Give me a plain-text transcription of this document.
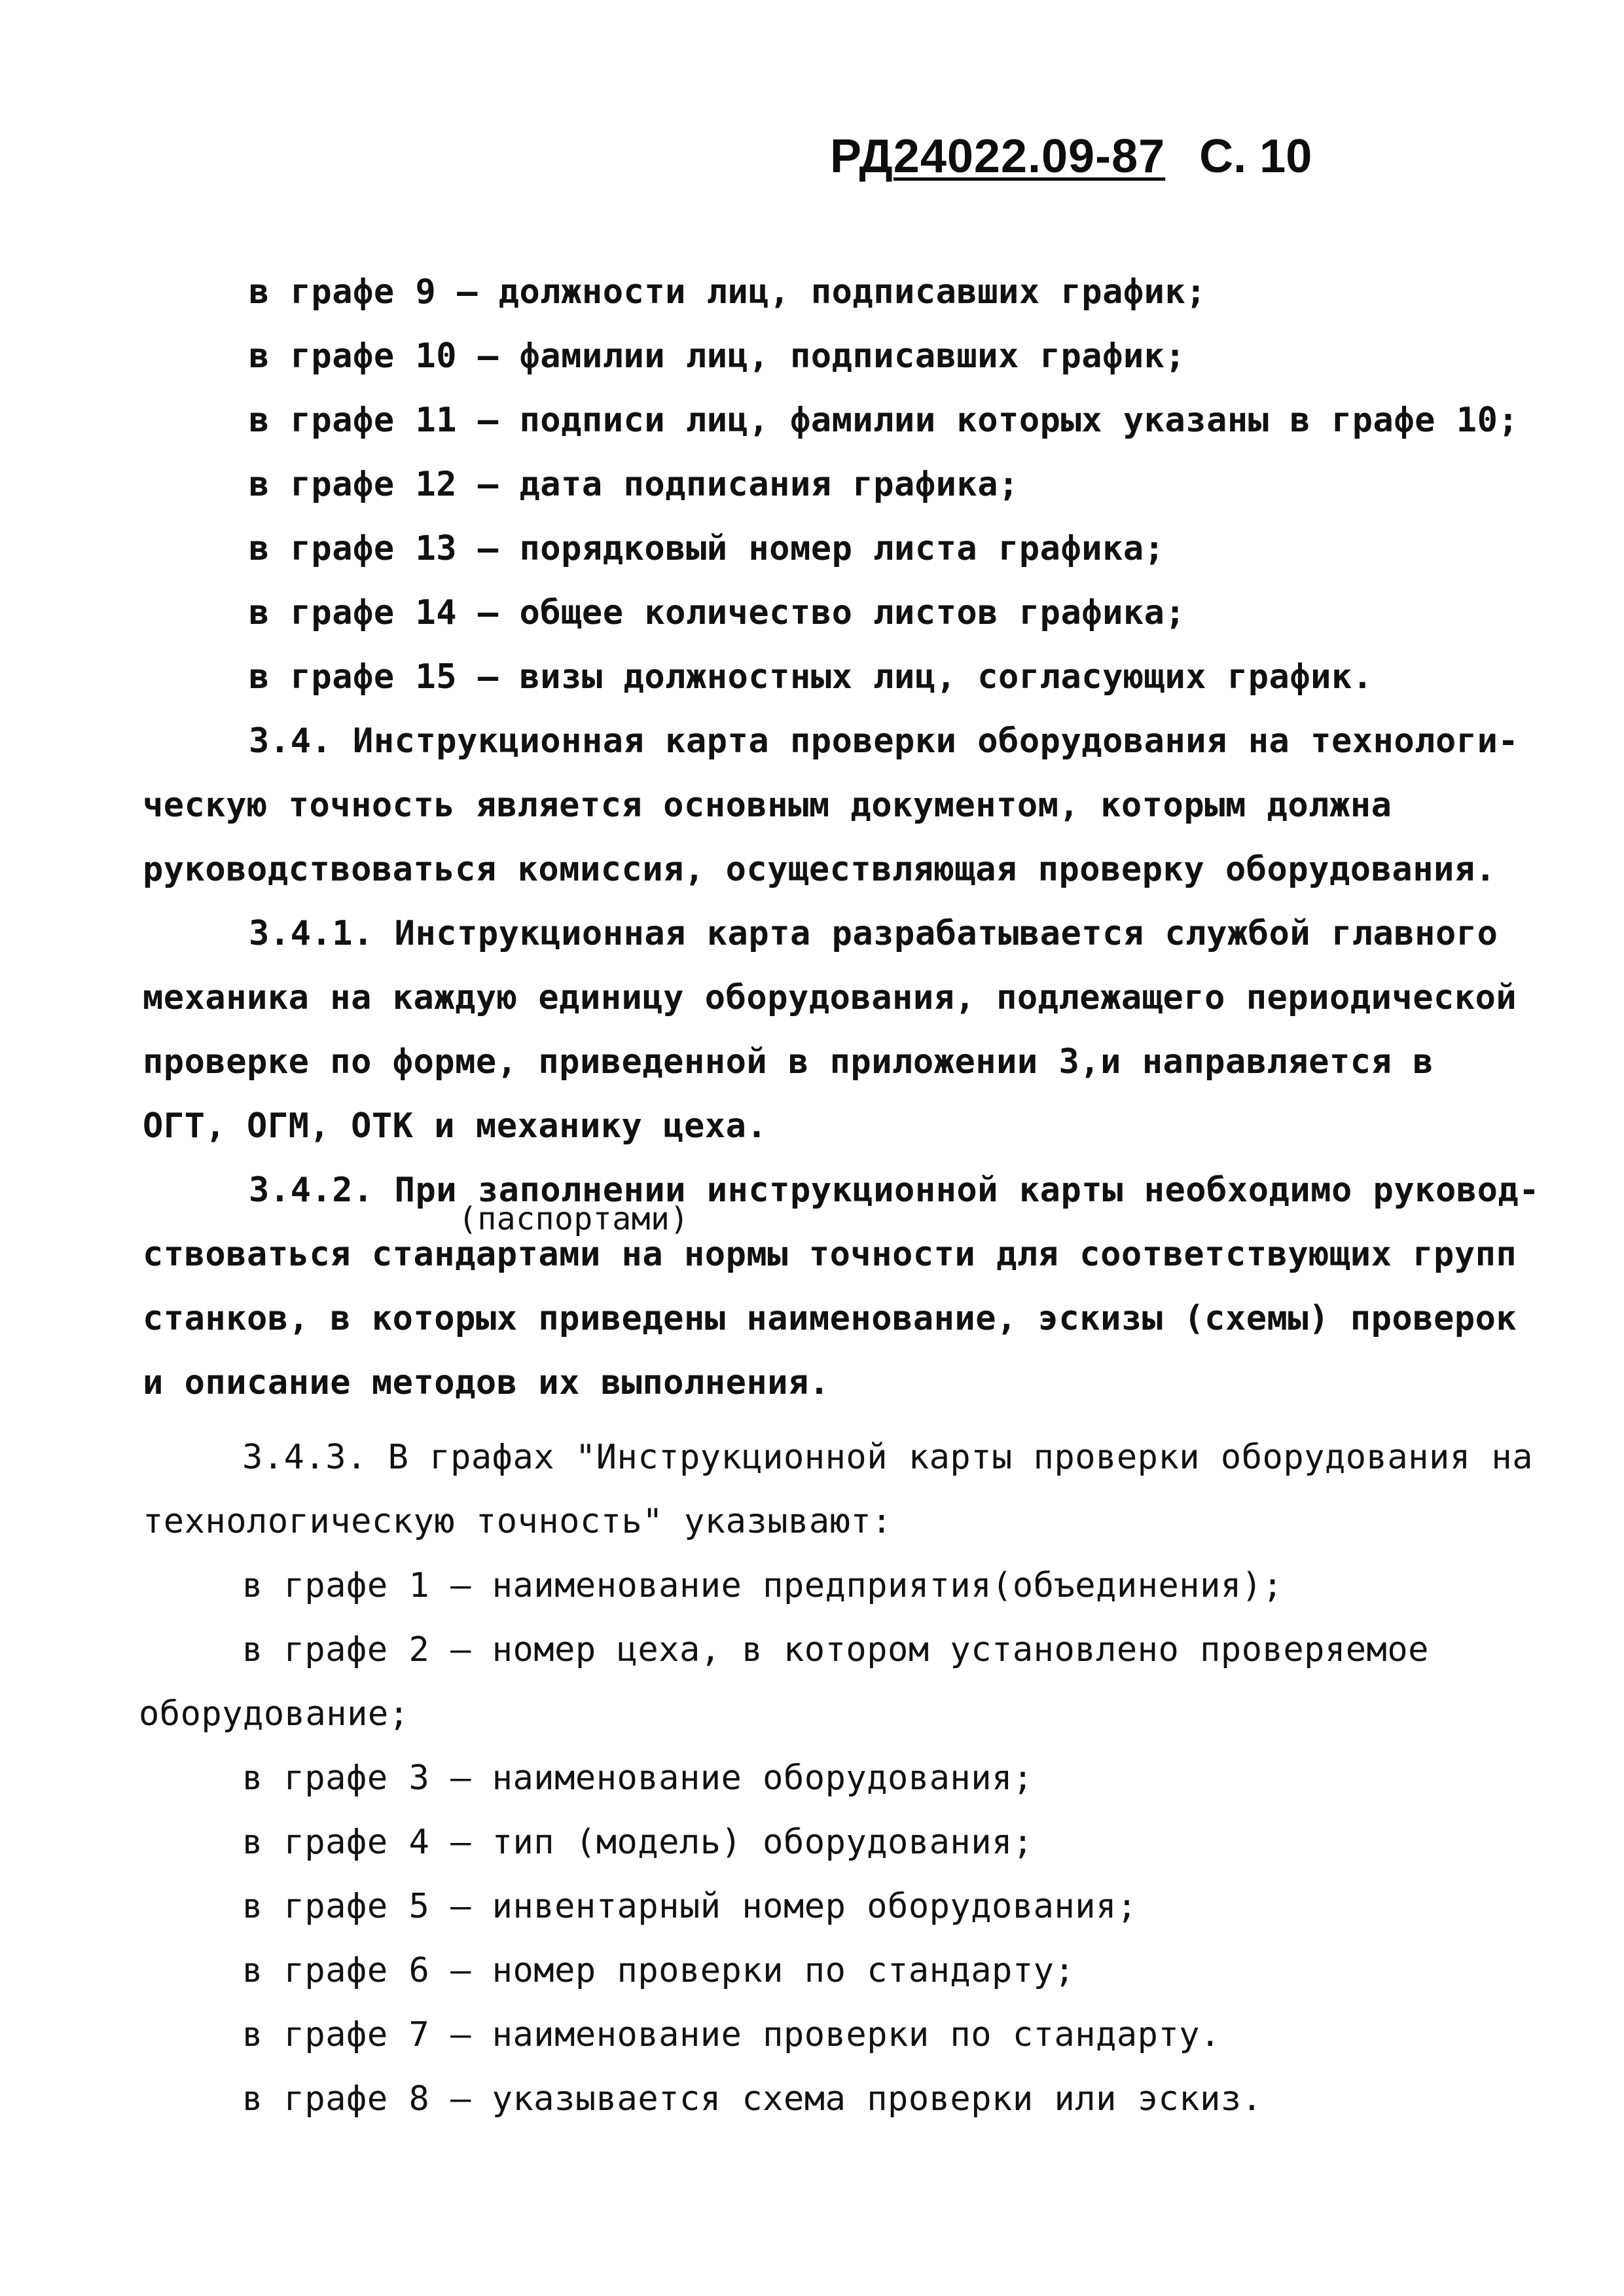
РД24022.09-87 С. 10
в графе 9 – должности лиц, подписавших график;
в графе 10 – фамилии лиц, подписавших график;
в графе 11 – подписи лиц, фамилии которых указаны в графе 10;
в графе 12 – дата подписания графика;
в графе 13 – порядковый номер листа графика;
в графе 14 – общее количество листов графика;
в графе 15 – визы должностных лиц, согласующих график.
3.4. Инструкционная карта проверки оборудования на технологи-
ческую точность является основным документом, которым должна
руководствоваться комиссия, осуществляющая проверку оборудования.
3.4.1. Инструкционная карта разрабатывается службой главного
механика на каждую единицу оборудования, подлежащего периодической
проверке по форме, приведенной в приложении 3,и направляется в
ОГТ, ОГМ, ОТК и механику цеха.
3.4.2. При заполнении инструкционной карты необходимо руковод-
(паспортами)
ствоваться стандартами на нормы точности для соответствующих групп
станков, в которых приведены наименование, эскизы (схемы) проверок
и описание методов их выполнения.
3.4.3. В графах "Инструкционной карты проверки оборудования на
технологическую точность" указывают:
в графе 1 – наименование предприятия(объединения);
в графе 2 – номер цеха, в котором установлено проверяемое
оборудование;
в графе 3 – наименование оборудования;
в графе 4 – тип (модель) оборудования;
в графе 5 – инвентарный номер оборудования;
в графе 6 – номер проверки по стандарту;
в графе 7 – наименование проверки по стандарту.
в графе 8 – указывается схема проверки или эскиз.
